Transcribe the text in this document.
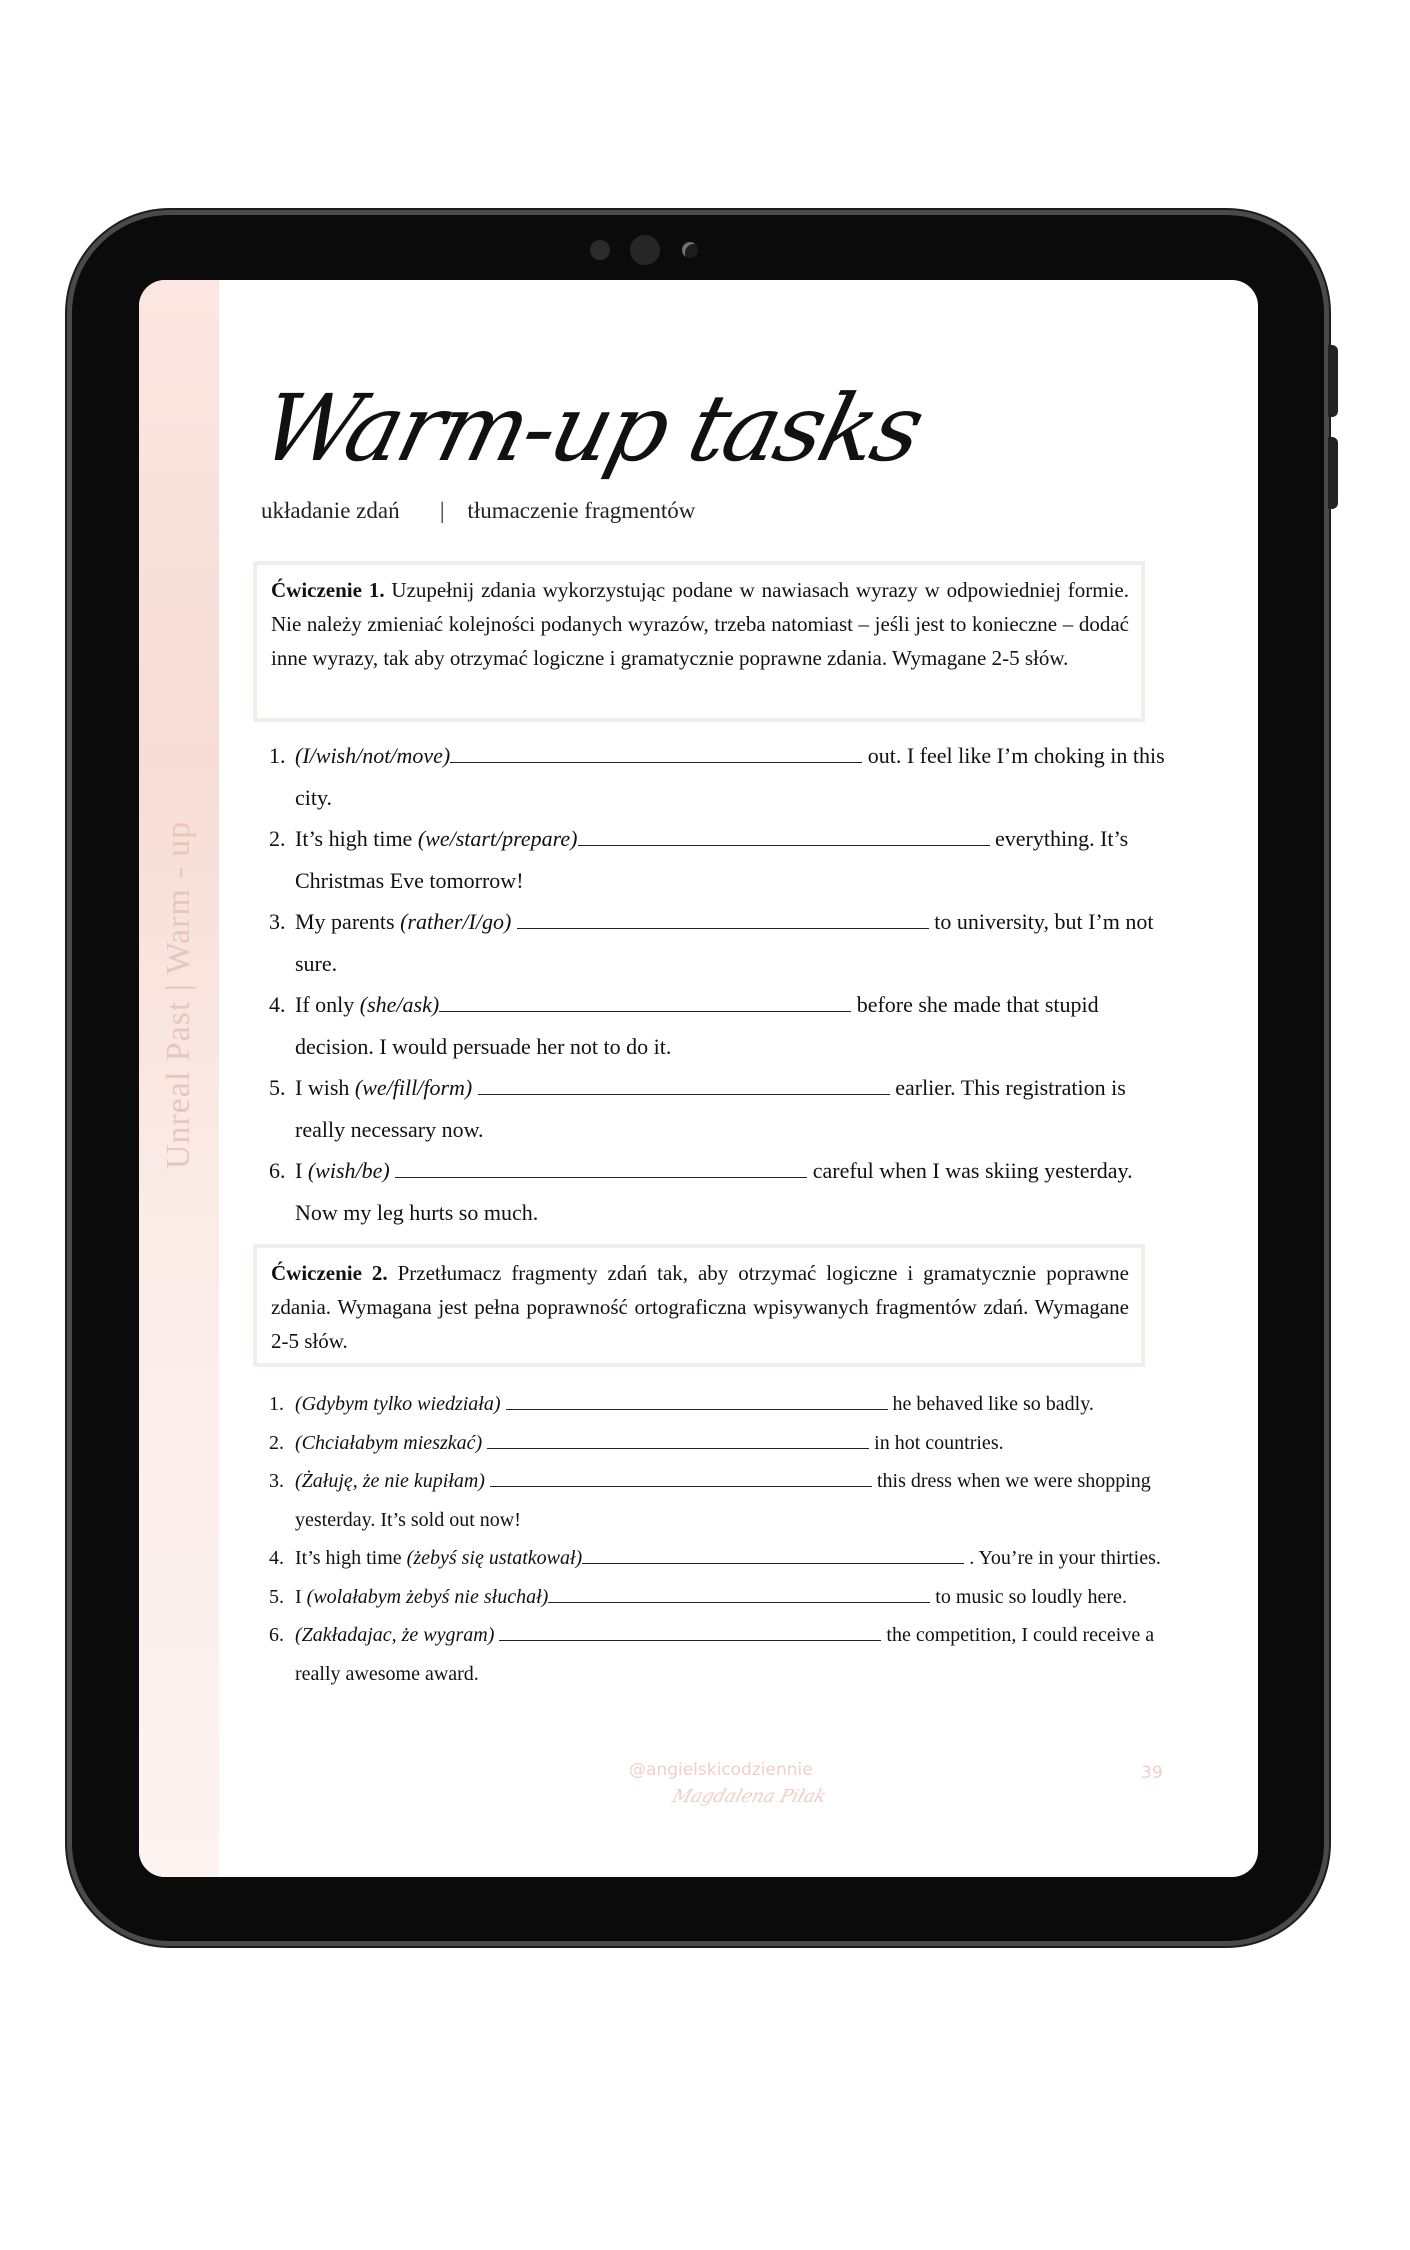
Unreal Past | Warm - up
Warm-up tasks
układanie zdań       |    tłumaczenie fragmentów
Ćwiczenie 1. Uzupełnij zdania wykorzystując podane w nawiasach wyrazy w odpowiedniej formie. Nie należy zmieniać kolejności podanych wyrazów, trzeba natomiast – jeśli jest to konieczne – dodać inne wyrazy, tak aby otrzymać logiczne i gramatycznie poprawne zdania. Wymagane 2-5 słów.
1. (I/wish/not/move)	out. I feel like I’m choking in this city.
2. It’s high time (we/start/prepare)	everything. It’s Christmas Eve tomorrow!
3. My parents (rather/I/go)	to university, but I’m not sure.
4. If only (she/ask)	before she made that stupid decision. I would persuade her not to do it.
5. I wish (we/fill/form)	earlier. This registration is really necessary now.
6. I (wish/be)	careful when I was skiing yesterday. Now my leg hurts so much.
Ćwiczenie 2. Przetłumacz fragmenty zdań tak, aby otrzymać logiczne i gramatycznie poprawne zdania. Wymagana jest pełna poprawność ortograficzna wpisywanych fragmentów zdań. Wymagane 2-5 słów.
1. (Gdybym tylko wiedziała)	he behaved like so badly.
2. (Chciałabym mieszkać)	in hot countries.
3. (Żałuję, że nie kupiłam)	this dress when we were shopping yesterday. It’s sold out now!
4. It’s high time (żebyś się ustatkował)	. You’re in your thirties.
5. I (wolałabym żebyś nie słuchał)	to music so loudly here.
6. (Zakładajac, że wygram)	the competition, I could receive a really awesome award.
@angielskicodziennie
Magdalena Piłak
39
